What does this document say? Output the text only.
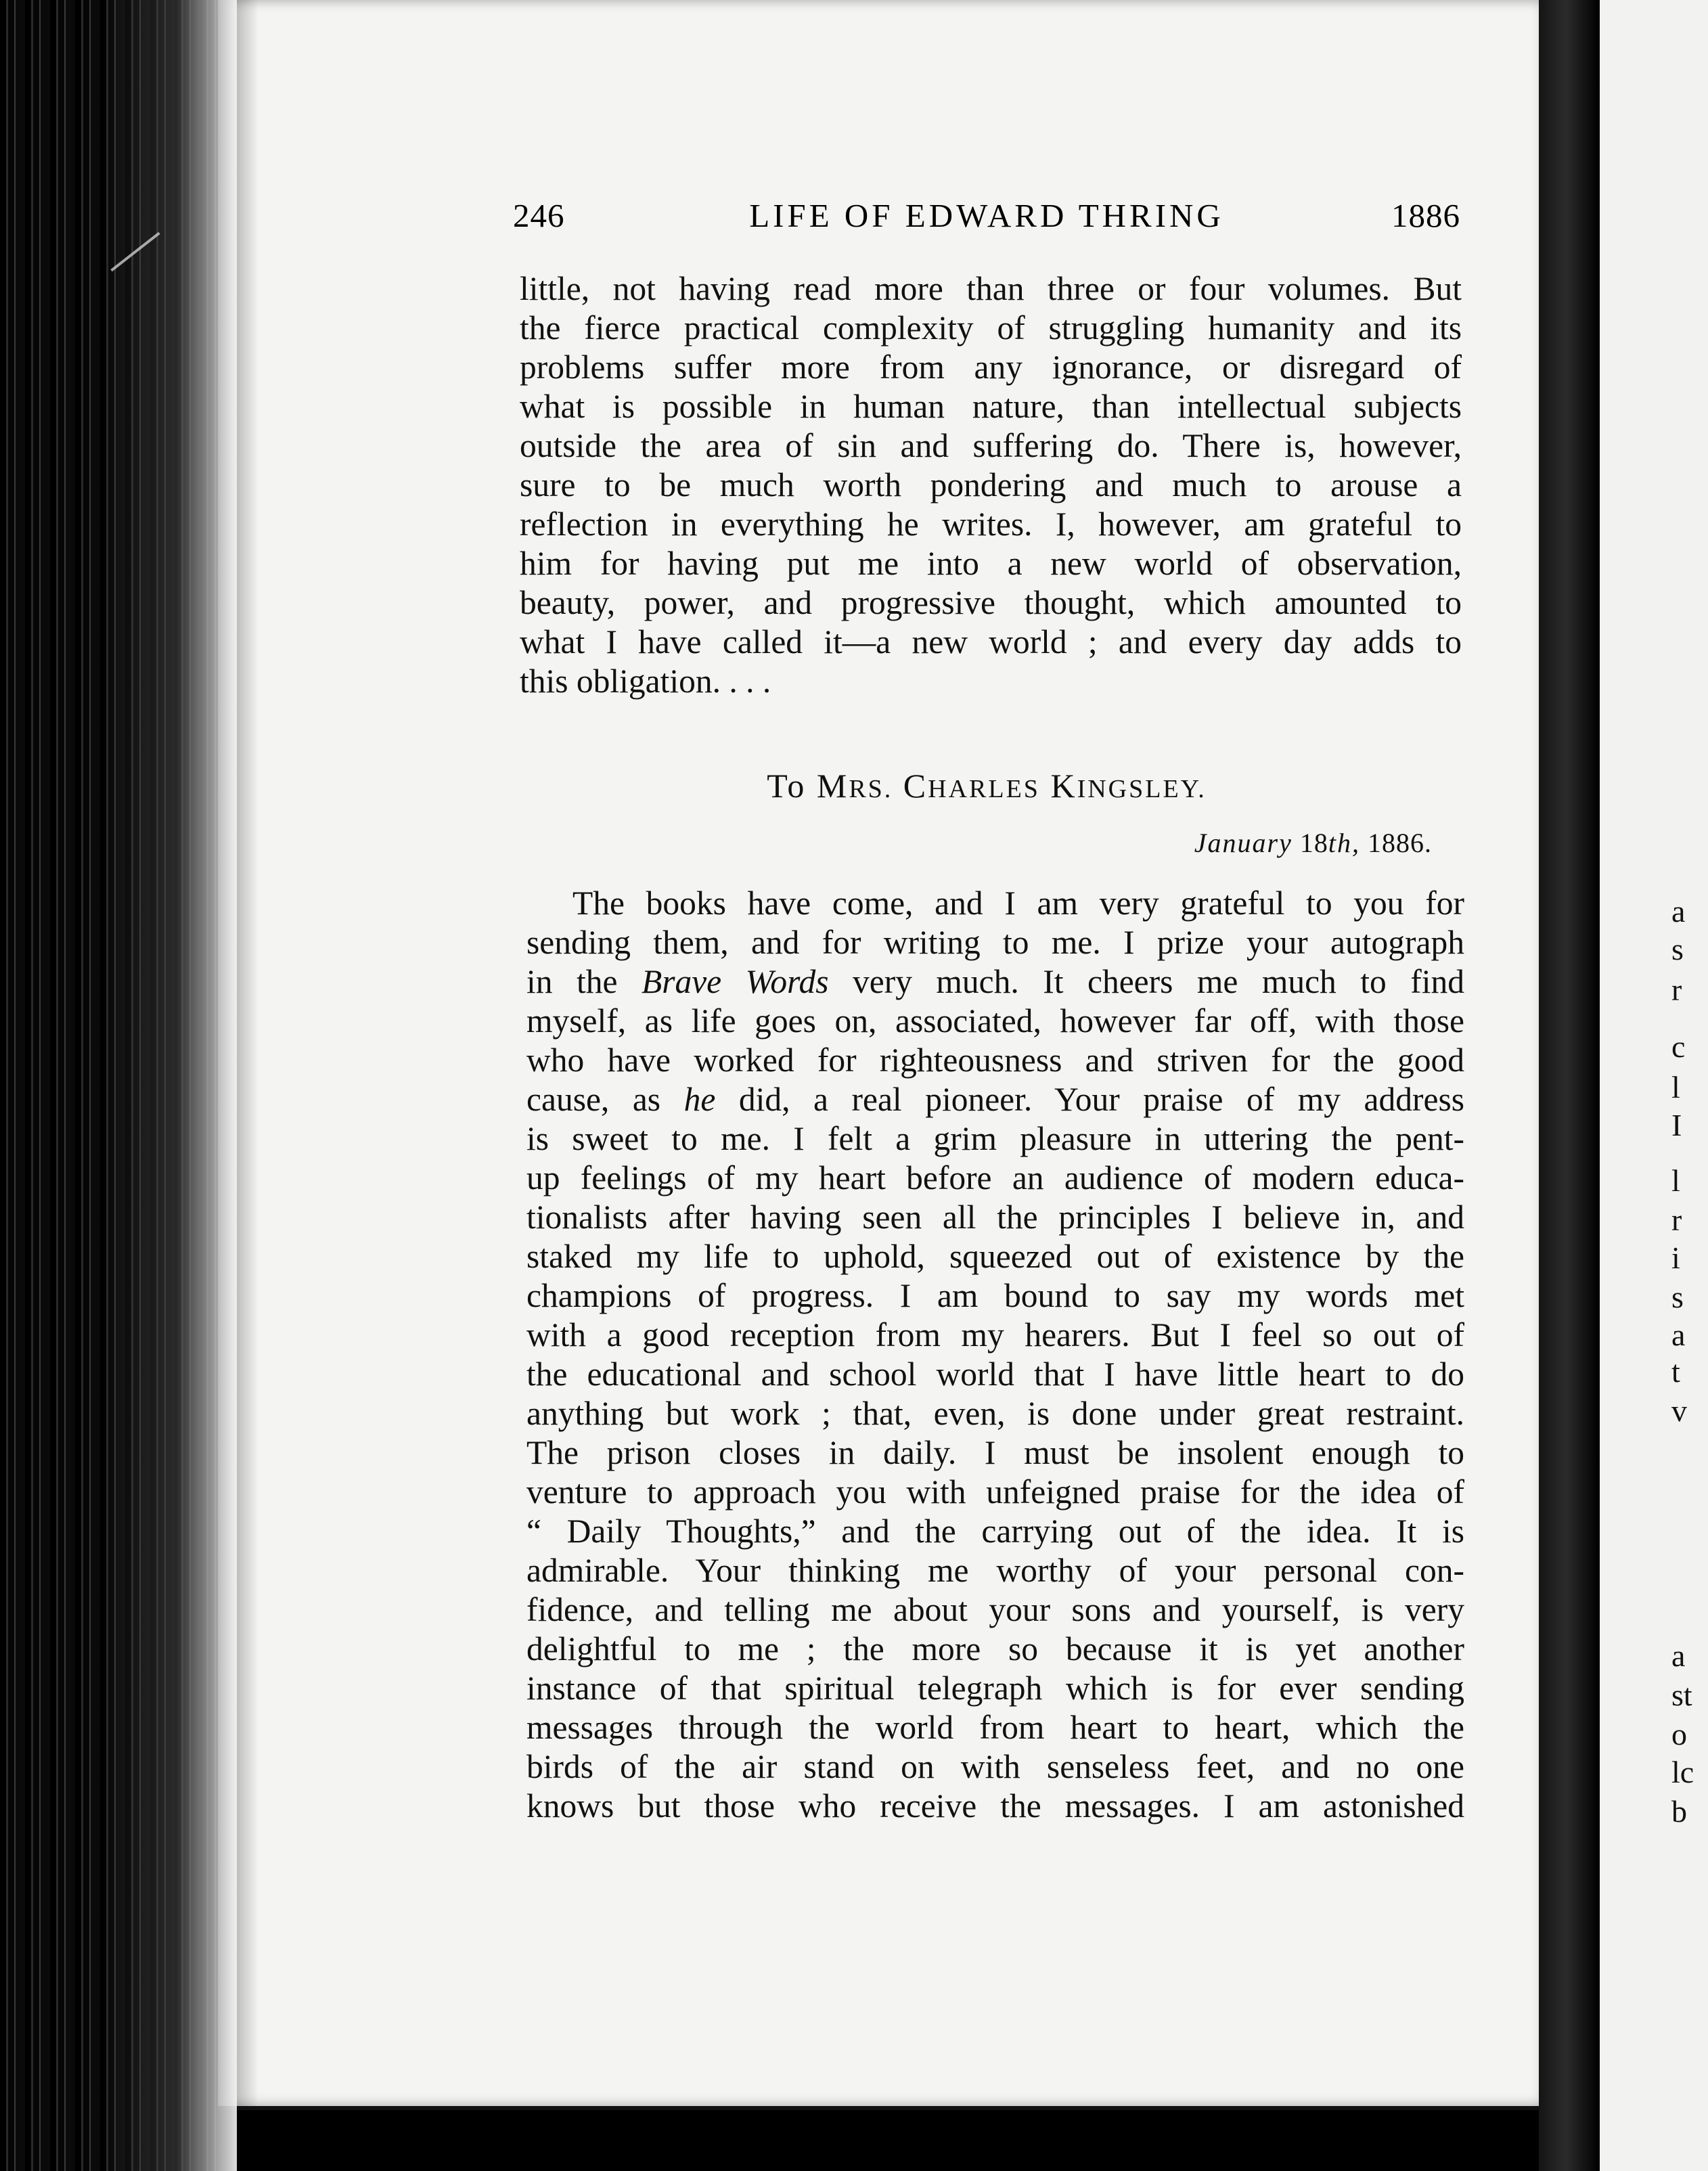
a
s
r
c
l
I
l
r
i
s
a
t
v
a
st
o
lc
b
246	LIFE OF EDWARD THRING	1886
little, not having read more than three or four volumes. But
the fierce practical complexity of struggling humanity and its
problems suffer more from any ignorance, or disregard of
what is possible in human nature, than intellectual subjects
outside the area of sin and suffering do. There is, however,
sure to be much worth pondering and much to arouse a
reflection in everything he writes. I, however, am grateful to
him for having put me into a new world of observation,
beauty, power, and progressive thought, which amounted to
what I have called it—a new world ; and every day adds to
this obligation. . . .
To MRS. CHARLES KINGSLEY.
January 18th, 1886.
The books have come, and I am very grateful to you for
sending them, and for writing to me. I prize your autograph
in the Brave Words very much. It cheers me much to find
myself, as life goes on, associated, however far off, with those
who have worked for righteousness and striven for the good
cause, as he did, a real pioneer. Your praise of my address
is sweet to me. I felt a grim pleasure in uttering the pent-
up feelings of my heart before an audience of modern educa-
tionalists after having seen all the principles I believe in, and
staked my life to uphold, squeezed out of existence by the
champions of progress. I am bound to say my words met
with a good reception from my hearers. But I feel so out of
the educational and school world that I have little heart to do
anything but work ; that, even, is done under great restraint.
The prison closes in daily. I must be insolent enough to
venture to approach you with unfeigned praise for the idea of
“ Daily Thoughts,” and the carrying out of the idea. It is
admirable. Your thinking me worthy of your personal con-
fidence, and telling me about your sons and yourself, is very
delightful to me ; the more so because it is yet another
instance of that spiritual telegraph which is for ever sending
messages through the world from heart to heart, which the
birds of the air stand on with senseless feet, and no one
knows but those who receive the messages. I am astonished
